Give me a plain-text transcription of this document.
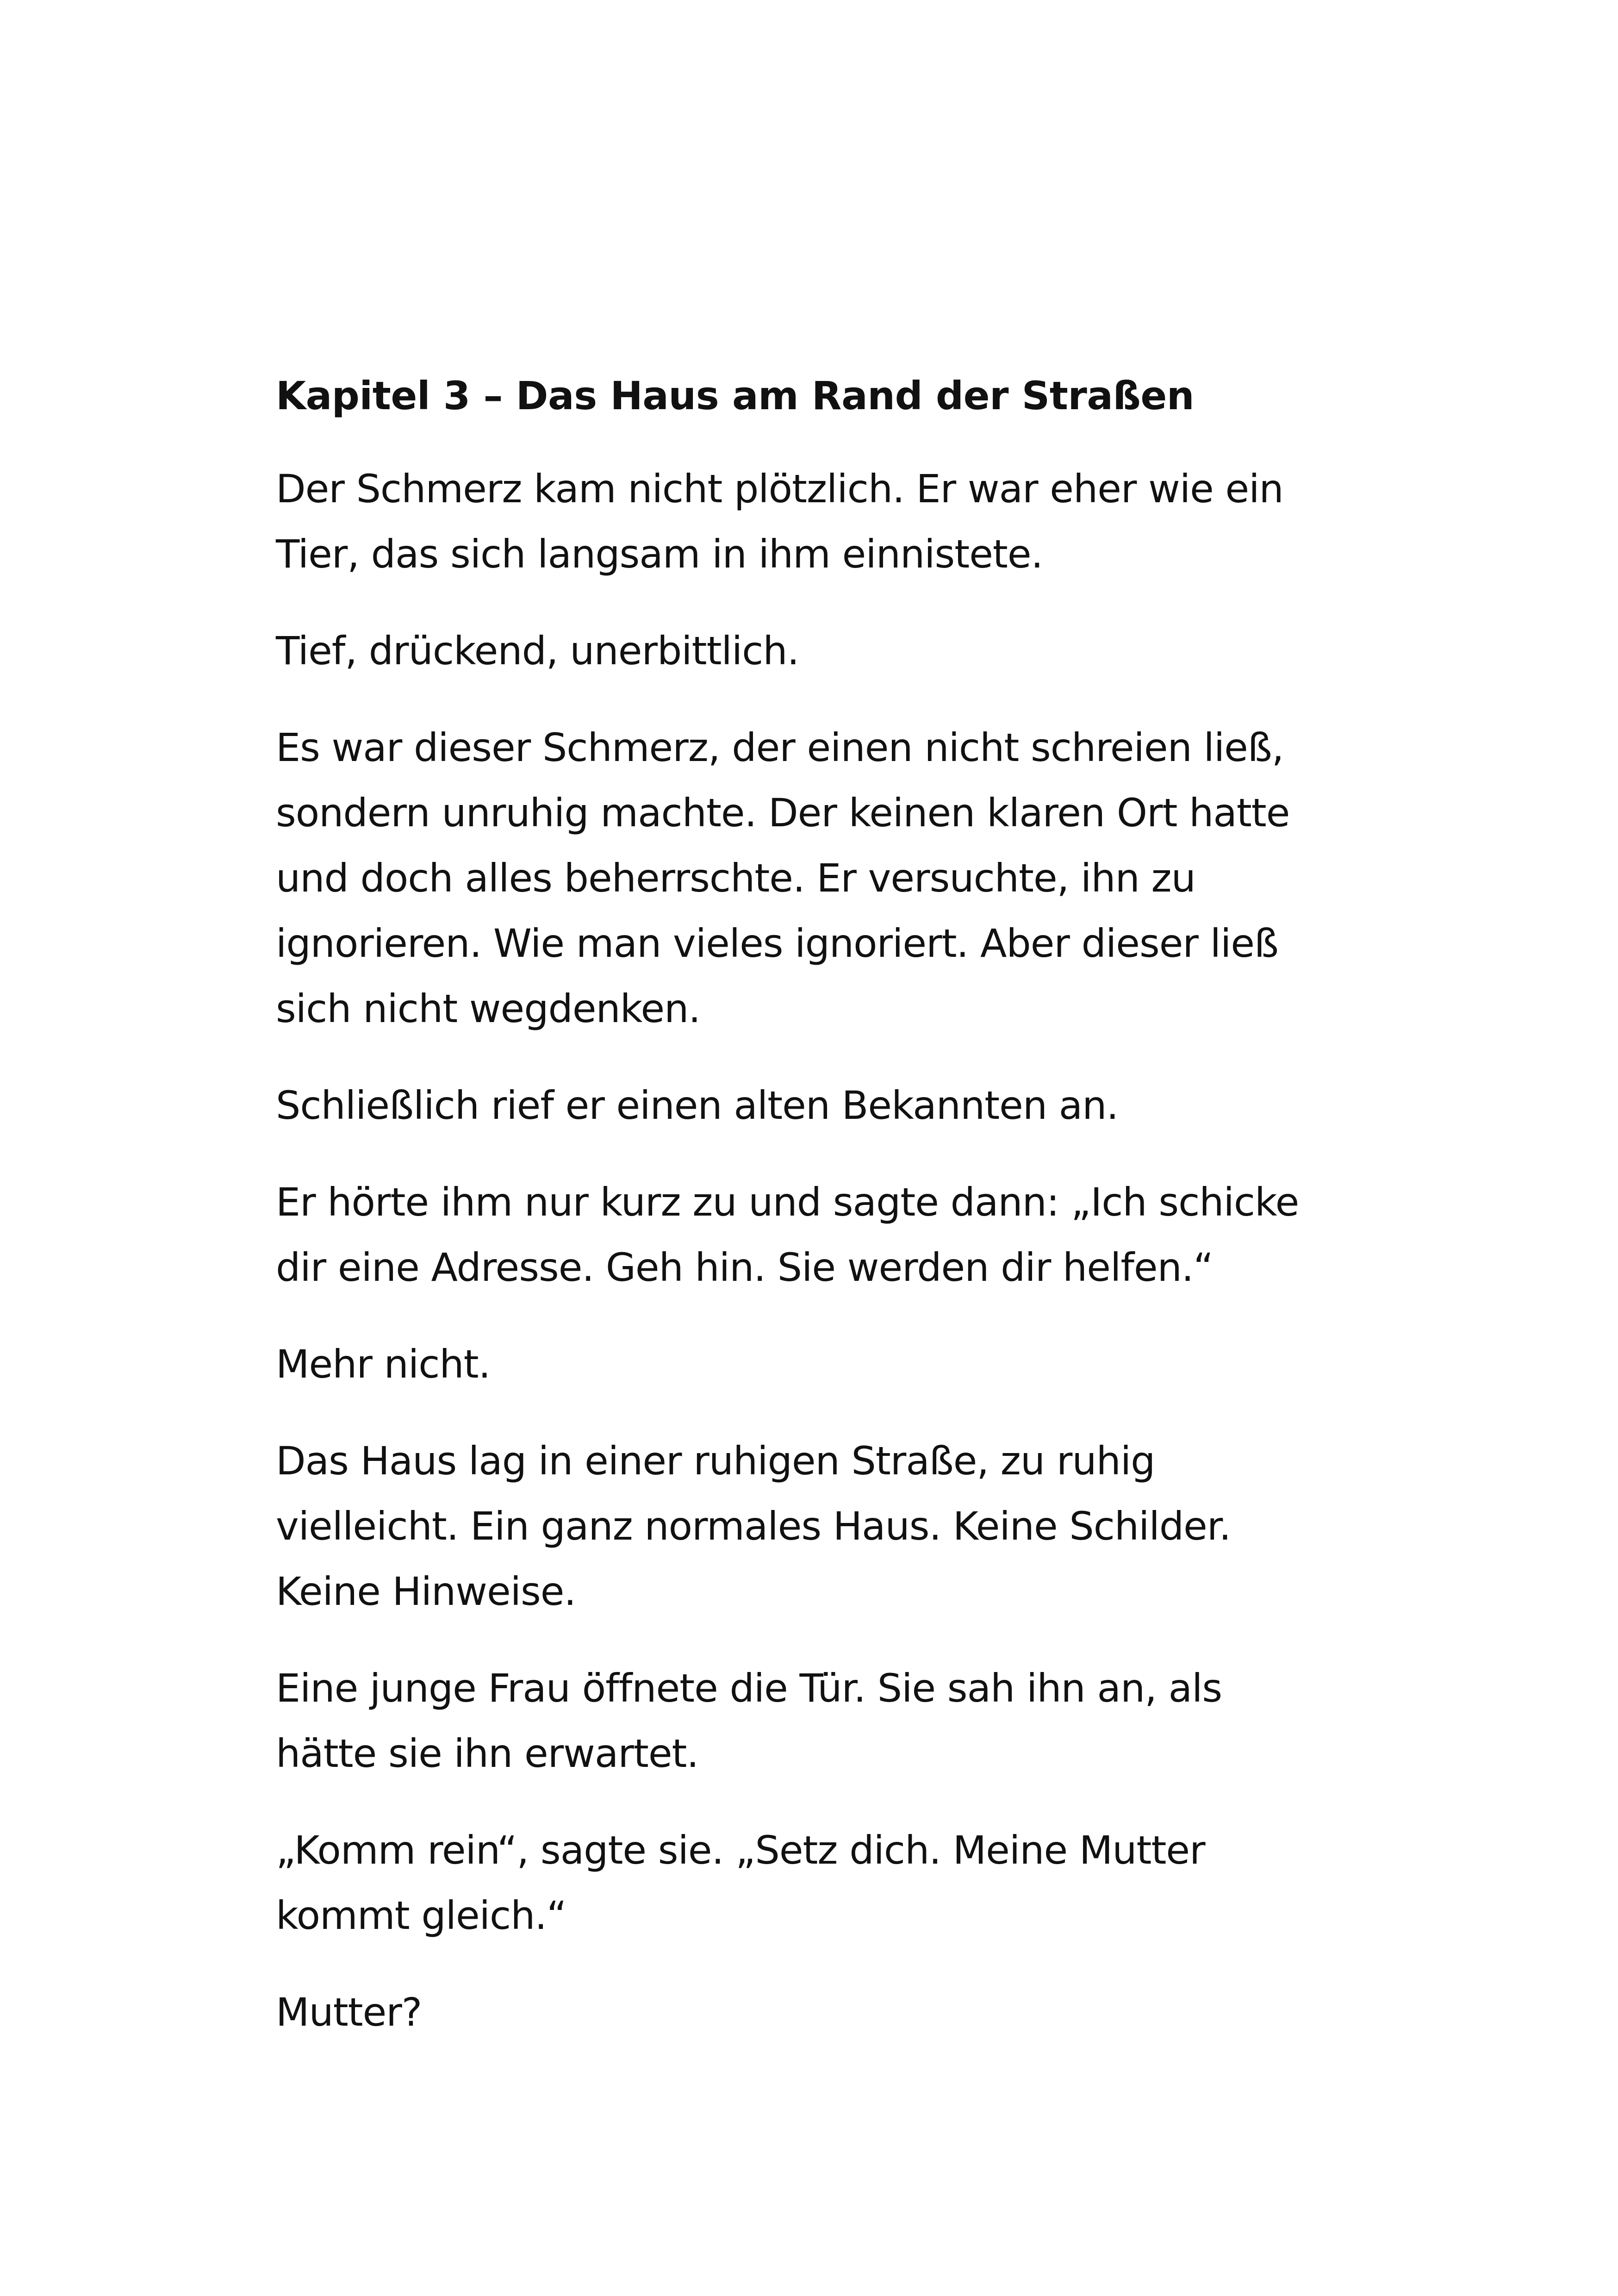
Kapitel 3 – Das Haus am Rand der Straßen

Der Schmerz kam nicht plötzlich. Er war eher wie ein
Tier, das sich langsam in ihm einnistete.

Tief, drückend, unerbittlich.

Es war dieser Schmerz, der einen nicht schreien ließ,
sondern unruhig machte. Der keinen klaren Ort hatte
und doch alles beherrschte. Er versuchte, ihn zu
ignorieren. Wie man vieles ignoriert. Aber dieser ließ
sich nicht wegdenken.

Schließlich rief er einen alten Bekannten an.

Er hörte ihm nur kurz zu und sagte dann: „Ich schicke
dir eine Adresse. Geh hin. Sie werden dir helfen.“

Mehr nicht.

Das Haus lag in einer ruhigen Straße, zu ruhig
vielleicht. Ein ganz normales Haus. Keine Schilder.
Keine Hinweise.

Eine junge Frau öffnete die Tür. Sie sah ihn an, als
hätte sie ihn erwartet.

„Komm rein“, sagte sie. „Setz dich. Meine Mutter
kommt gleich.“

Mutter?
